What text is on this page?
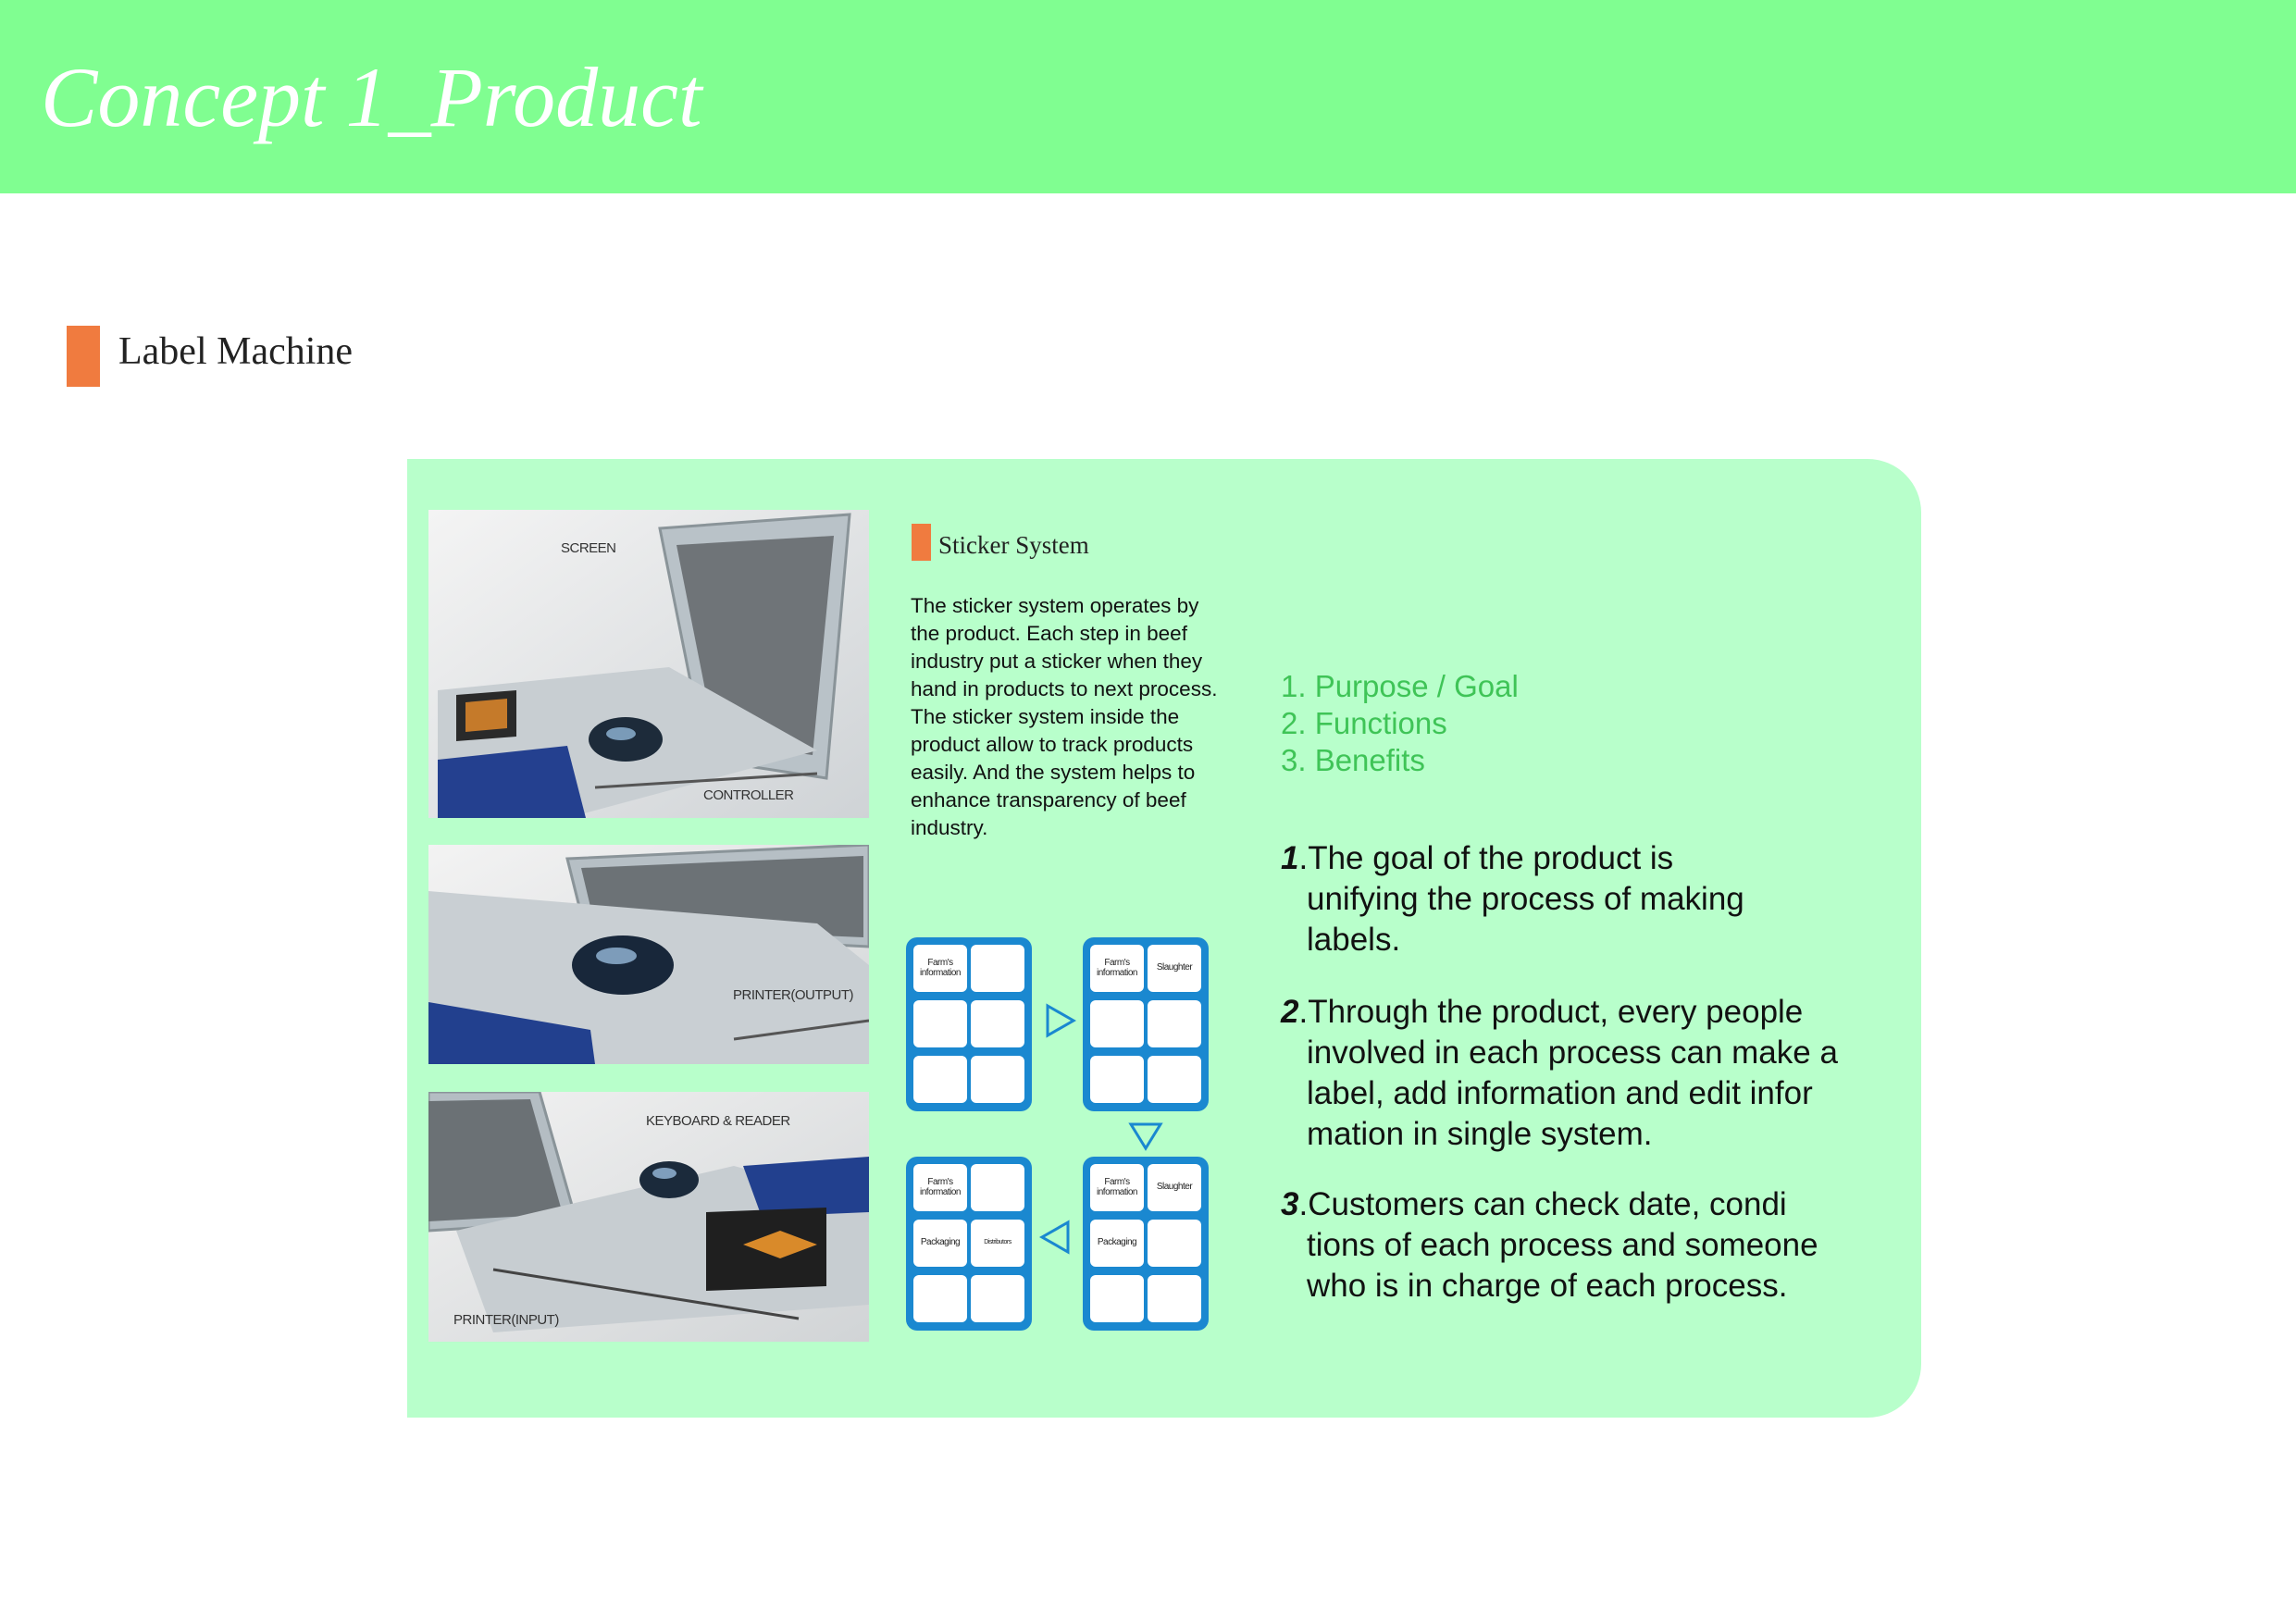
Concept 1_Product
Label Machine
SCREEN
CONTROLLER
PRINTER(OUTPUT)
KEYBOARD & READER
PRINTER(INPUT)
Sticker System
The sticker system operates by the product. Each step in beef industry put a sticker when they hand in products to next process. The sticker system inside the product allow to track products easily. And the system helps to enhance transparency of beef industry.
Farm's information
Farm's information
Slaughter
Farm's information
Slaughter
Packaging
Farm's information
Packaging	Distributors
1. Purpose / Goal
2. Functions
3. Benefits
1.The goal of the product is
unifying the process of making
labels.
2.Through the product, every people
involved in each process can make a
label, add information and edit infor
mation in single system.
3.Customers can check date, condi
tions of each process and someone
who is in charge of each process.
